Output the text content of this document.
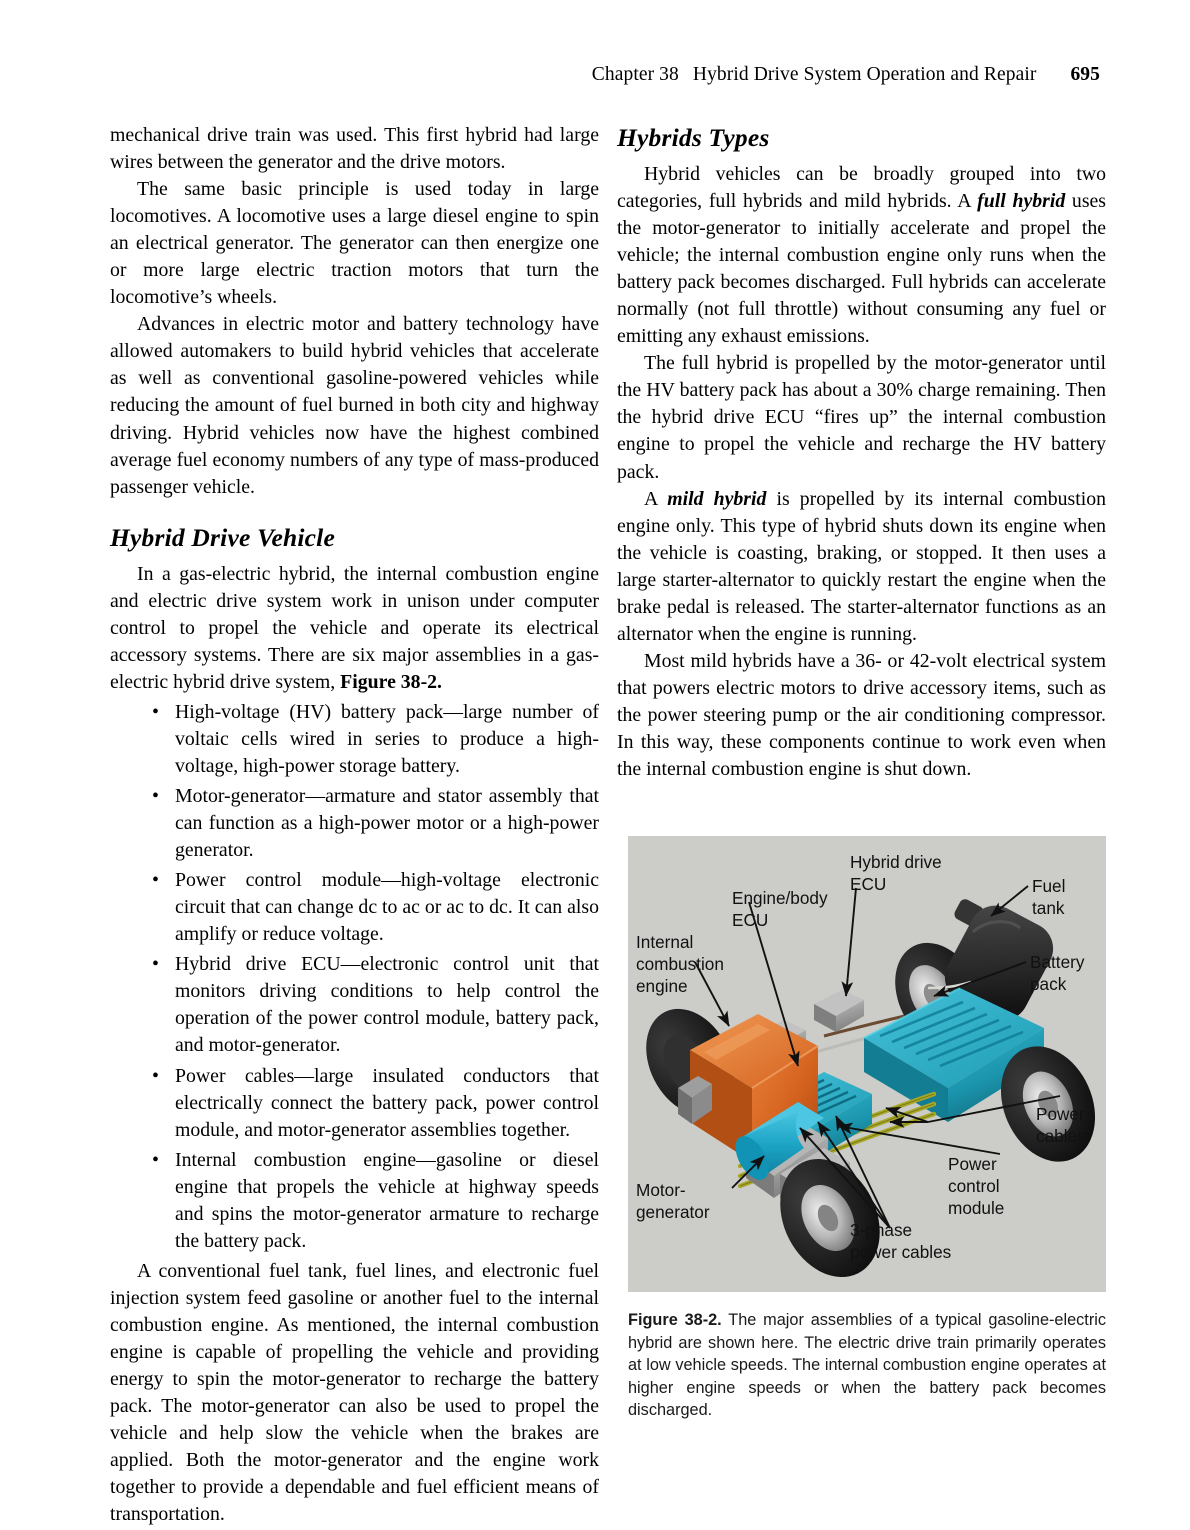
Chapter 38 Hybrid Drive System Operation and Repair 695

mechanical drive train was used. This first hybrid had large wires between the generator and the drive motors.

The same basic principle is used today in large locomotives. A locomotive uses a large diesel engine to spin an electrical generator. The generator can then energize one or more large electric traction motors that turn the locomotive’s wheels.

Advances in electric motor and battery technology have allowed automakers to build hybrid vehicles that accelerate as well as conventional gasoline-powered vehicles while reducing the amount of fuel burned in both city and highway driving. Hybrid vehicles now have the highest combined average fuel economy numbers of any type of mass-produced passenger vehicle.

Hybrid Drive Vehicle

In a gas-electric hybrid, the internal combustion engine and electric drive system work in unison under computer control to propel the vehicle and operate its electrical accessory systems. There are six major assemblies in a gas-electric hybrid drive system, Figure 38-2.

• High-voltage (HV) battery pack—large number of voltaic cells wired in series to produce a high-voltage, high-power storage battery.
• Motor-generator—armature and stator assembly that can function as a high-power motor or a high-power generator.
• Power control module—high-voltage electronic circuit that can change dc to ac or ac to dc. It can also amplify or reduce voltage.
• Hybrid drive ECU—electronic control unit that monitors driving conditions to help control the operation of the power control module, battery pack, and motor-generator.
• Power cables—large insulated conductors that electrically connect the battery pack, power control module, and motor-generator assemblies together.
• Internal combustion engine—gasoline or diesel engine that propels the vehicle at highway speeds and spins the motor-generator armature to recharge the battery pack.

A conventional fuel tank, fuel lines, and electronic fuel injection system feed gasoline or another fuel to the internal combustion engine. As mentioned, the internal combustion engine is capable of propelling the vehicle and providing energy to spin the motor-generator to recharge the battery pack. The motor-generator can also be used to propel the vehicle and help slow the vehicle when the brakes are applied. Both the motor-generator and the engine work together to provide a dependable and fuel efficient means of transportation.

Hybrids Types

Hybrid vehicles can be broadly grouped into two categories, full hybrids and mild hybrids. A full hybrid uses the motor-generator to initially accelerate and propel the vehicle; the internal combustion engine only runs when the battery pack becomes discharged. Full hybrids can accelerate normally (not full throttle) without consuming any fuel or emitting any exhaust emissions.

The full hybrid is propelled by the motor-generator until the HV battery pack has about a 30% charge remaining. Then the hybrid drive ECU “fires up” the internal combustion engine to propel the vehicle and recharge the HV battery pack.

A mild hybrid is propelled by its internal combustion engine only. This type of hybrid shuts down its engine when the vehicle is coasting, braking, or stopped. It then uses a large starter-alternator to quickly restart the engine when the brake pedal is released. The starter-alternator functions as an alternator when the engine is running.

Most mild hybrids have a 36- or 42-volt electrical system that powers electric motors to drive accessory items, such as the power steering pump or the air conditioning compressor. In this way, these components continue to work even when the internal combustion engine is shut down.

Internal
combustion
engine
Engine/body
ECU
Hybrid drive
ECU	Fuel
tank
Battery
pack
Power
cables
Power
control
module
3-phase
power cables
Motor-
generator
Figure 38-2. The major assemblies of a typical gasoline-electric hybrid are shown here. The electric drive train primarily operates at low vehicle speeds. The internal combustion engine operates at higher engine speeds or when the battery pack becomes discharged.
